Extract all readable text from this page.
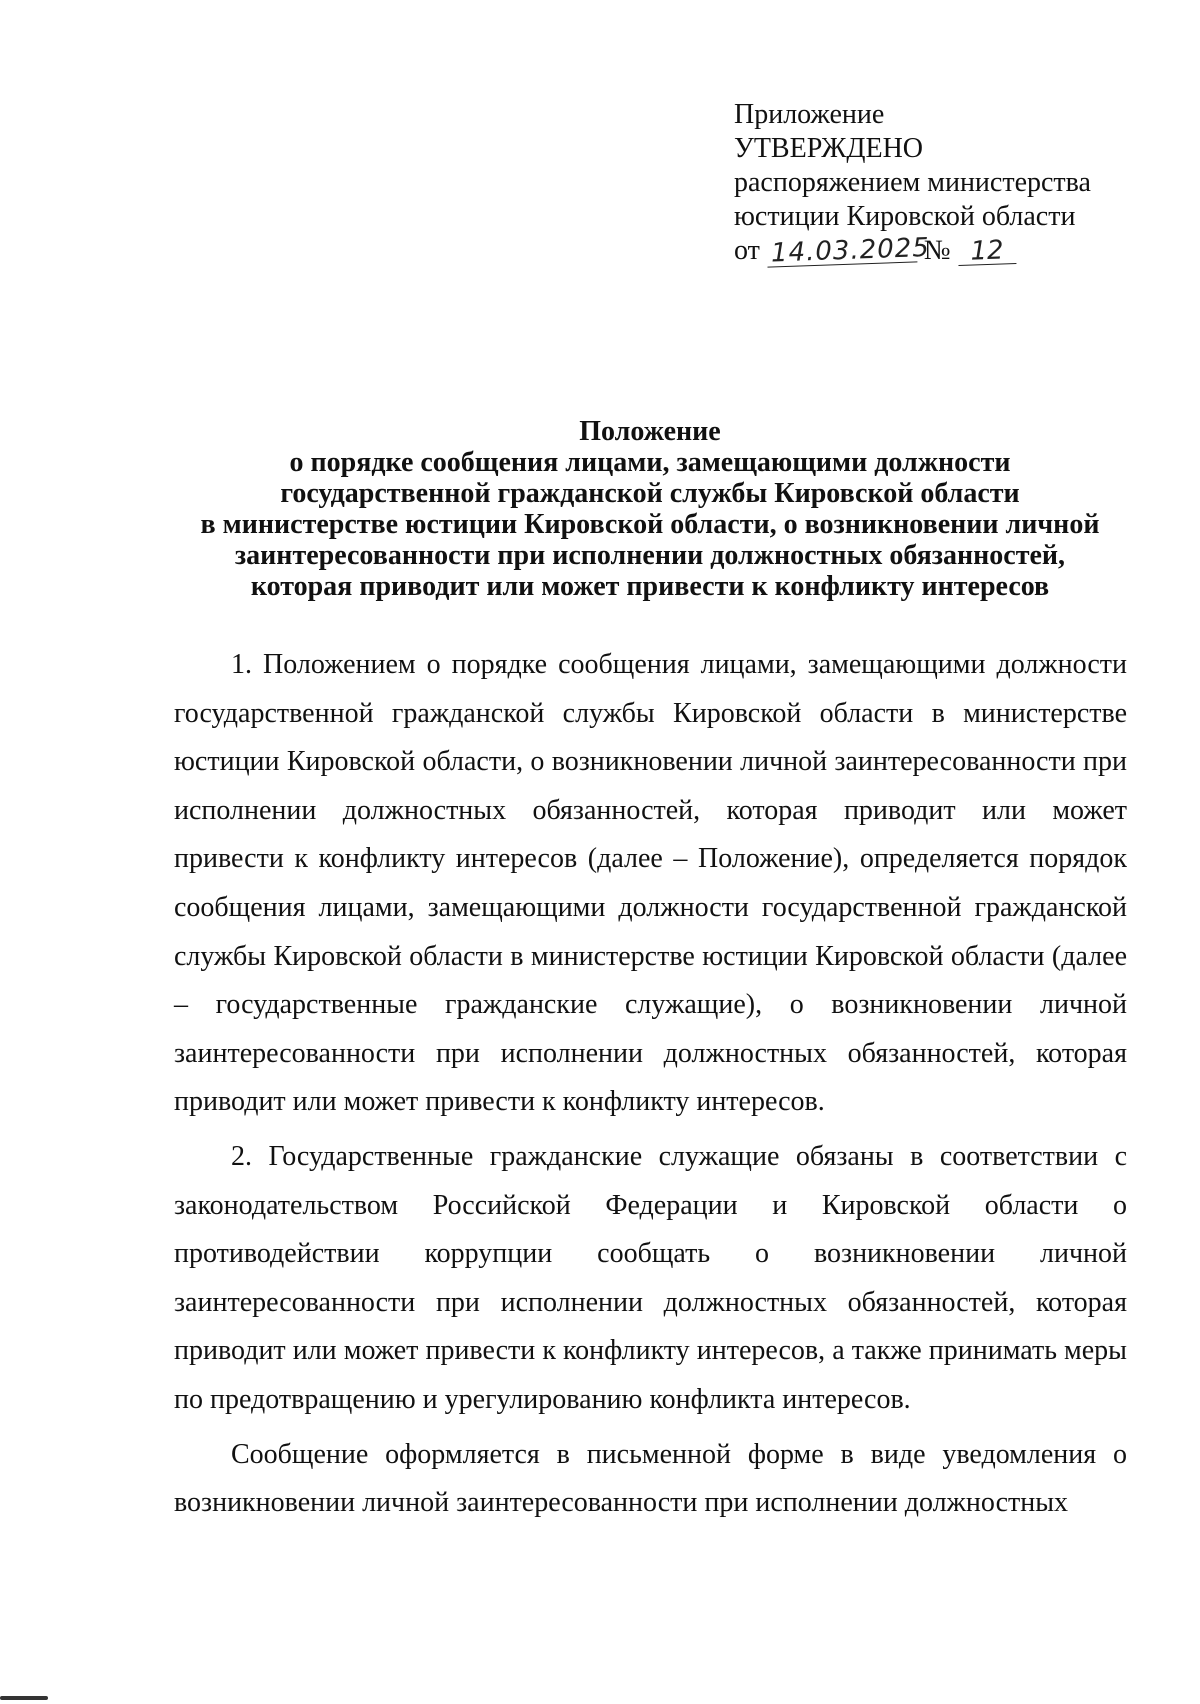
Приложение

УТВЕРЖДЕНО

распоряжением министерства

юстиции Кировской области

от 14.03.2025 № 12

Положение
о порядке сообщения лицами, замещающими должности
государственной гражданской службы Кировской области
в министерстве юстиции Кировской области, о возникновении личной
заинтересованности при исполнении должностных обязанностей,
которая приводит или может привести к конфликту интересов

1. Положением о порядке сообщения лицами, замещающими должности государственной гражданской службы Кировской области в министерстве юстиции Кировской области, о возникновении личной заинтересованности при исполнении должностных обязанностей, которая приводит или может привести к конфликту интересов (далее – Положение), определяется порядок сообщения лицами, замещающими должности государственной гражданской службы Кировской области в министерстве юстиции Кировской области (далее – государственные гражданские служащие), о возникновении личной заинтересованности при исполнении должностных обязанностей, которая приводит или может привести к конфликту интересов.

2. Государственные гражданские служащие обязаны в соответствии с законодательством Российской Федерации и Кировской области о противодействии коррупции сообщать о возникновении личной заинтересованности при исполнении должностных обязанностей, которая приводит или может привести к конфликту интересов, а также принимать меры по предотвращению и урегулированию конфликта интересов.

Сообщение оформляется в письменной форме в виде уведомления о возникновении личной заинтересованности при исполнении должностных
